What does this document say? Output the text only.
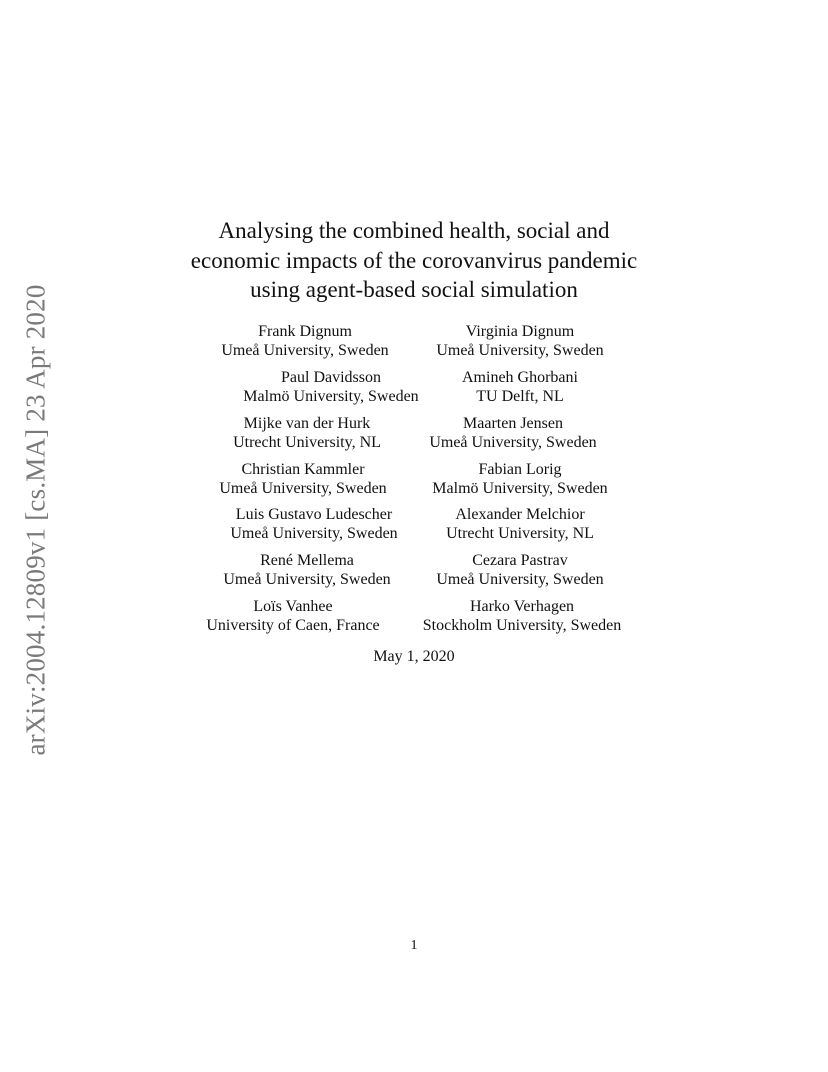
arXiv:2004.12809v1 [cs.MA] 23 Apr 2020
Analysing the combined health, social and
economic impacts of the corovanvirus pandemic
using agent-based social simulation
Frank Dignum
Umeå University, Sweden
Virginia Dignum
Umeå University, Sweden
Paul Davidsson
Malmö University, Sweden
Amineh Ghorbani
TU Delft, NL
Mijke van der Hurk
Utrecht University, NL
Maarten Jensen
Umeå University, Sweden
Christian Kammler
Umeå University, Sweden
Fabian Lorig
Malmö University, Sweden
Luis Gustavo Ludescher
Umeå University, Sweden
Alexander Melchior
Utrecht University, NL
René Mellema
Umeå University, Sweden
Cezara Pastrav
Umeå University, Sweden
Loïs Vanhee
University of Caen, France
Harko Verhagen
Stockholm University, Sweden
May 1, 2020
1
